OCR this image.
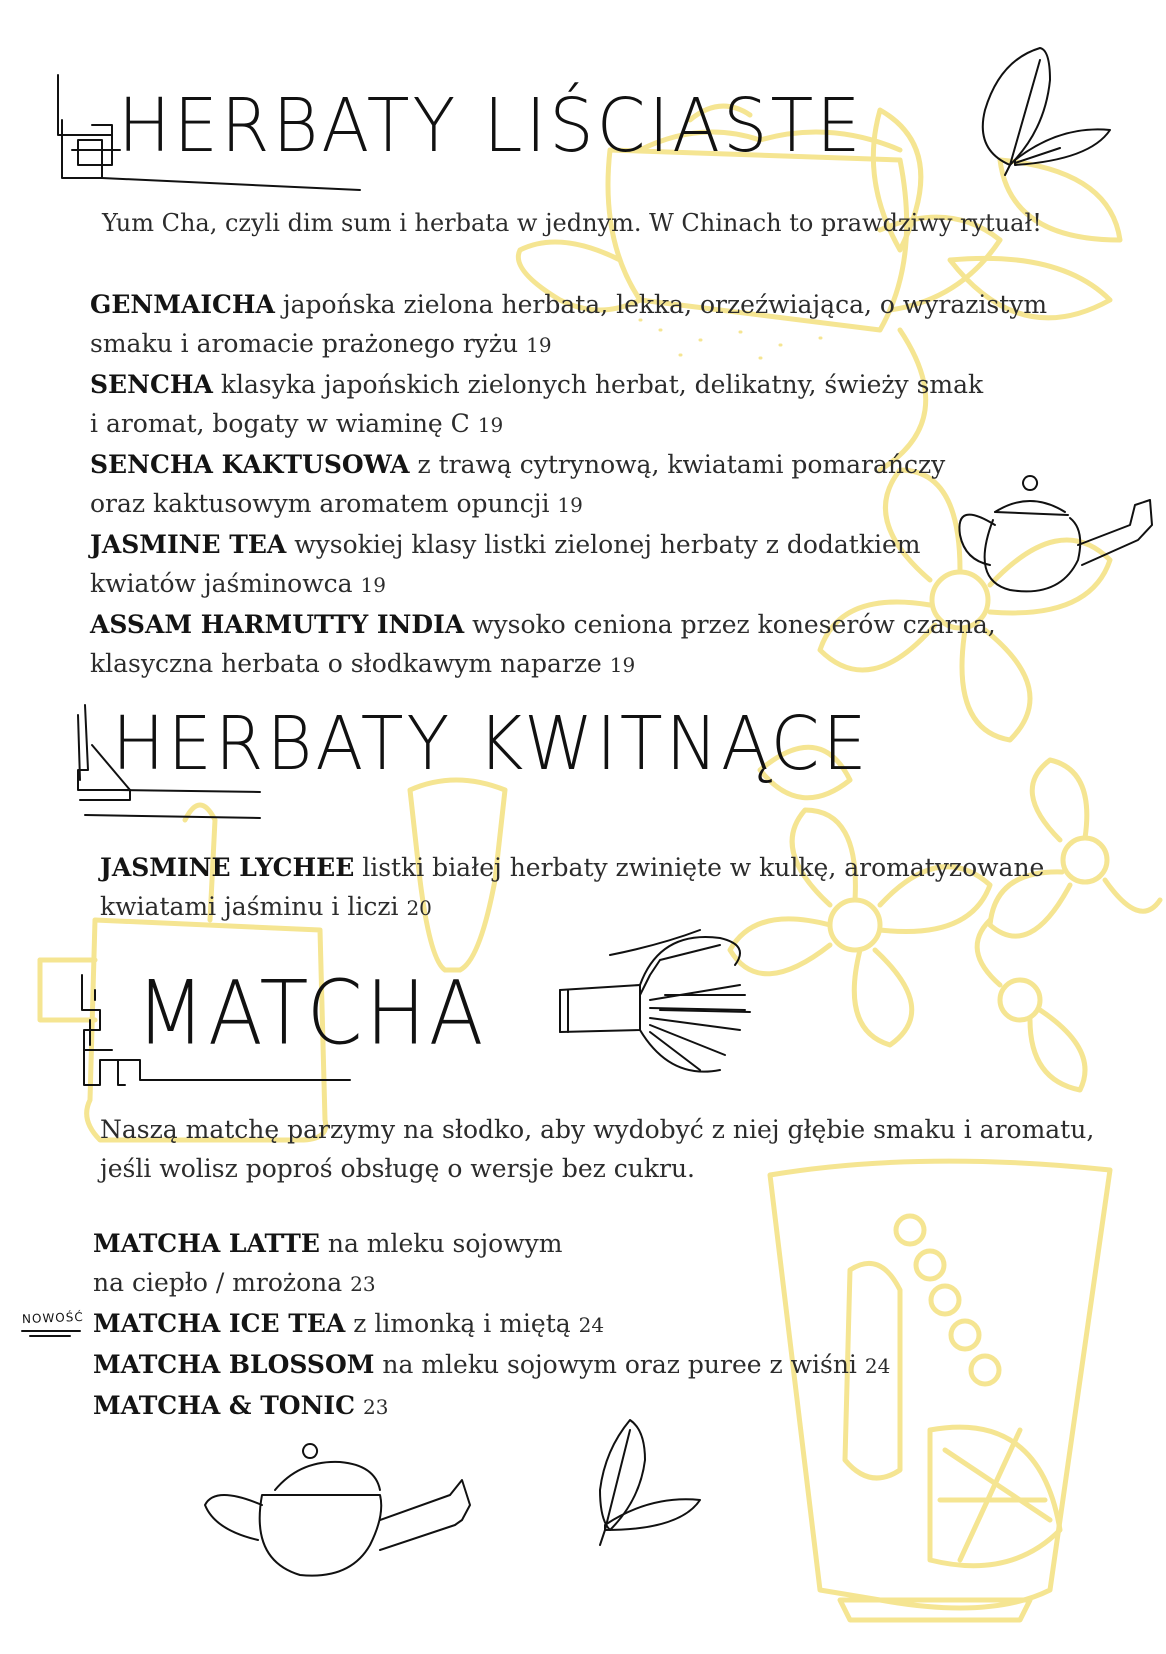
HERBATY LIŚCIASTE
HERBATY KWITNĄCE
MATCHA
Yum Cha, czyli dim sum i herbata w jednym. W Chinach to prawdziwy rytuał!

GENMAICHA japońska zielona herbata, lekka, orzeźwiająca, o wyrazistym
smaku i aromacie prażonego ryżu 19

SENCHA klasyka japońskich zielonych herbat, delikatny, świeży smak
i aromat, bogaty w wiaminę C 19

SENCHA KAKTUSOWA z trawą cytrynową, kwiatami pomarańczy
oraz kaktusowym aromatem opuncji 19

JASMINE TEA wysokiej klasy listki zielonej herbaty z dodatkiem
kwiatów jaśminowca 19

ASSAM HARMUTTY INDIA wysoko ceniona przez koneserów czarna,
klasyczna herbata o słodkawym naparze 19

JASMINE LYCHEE listki białej herbaty zwinięte w kulkę, aromatyzowane
kwiatami jaśminu i liczi 20

Naszą matchę parzymy na słodko, aby wydobyć z niej głębie smaku i aromatu,
jeśli wolisz poproś obsługę o wersje bez cukru.
NOWOŚĆ

MATCHA LATTE na mleku sojowym
na ciepło / mrożona 23

MATCHA ICE TEA z limonką i miętą 24

MATCHA BLOSSOM na mleku sojowym oraz puree z wiśni 24

MATCHA & TONIC 23
